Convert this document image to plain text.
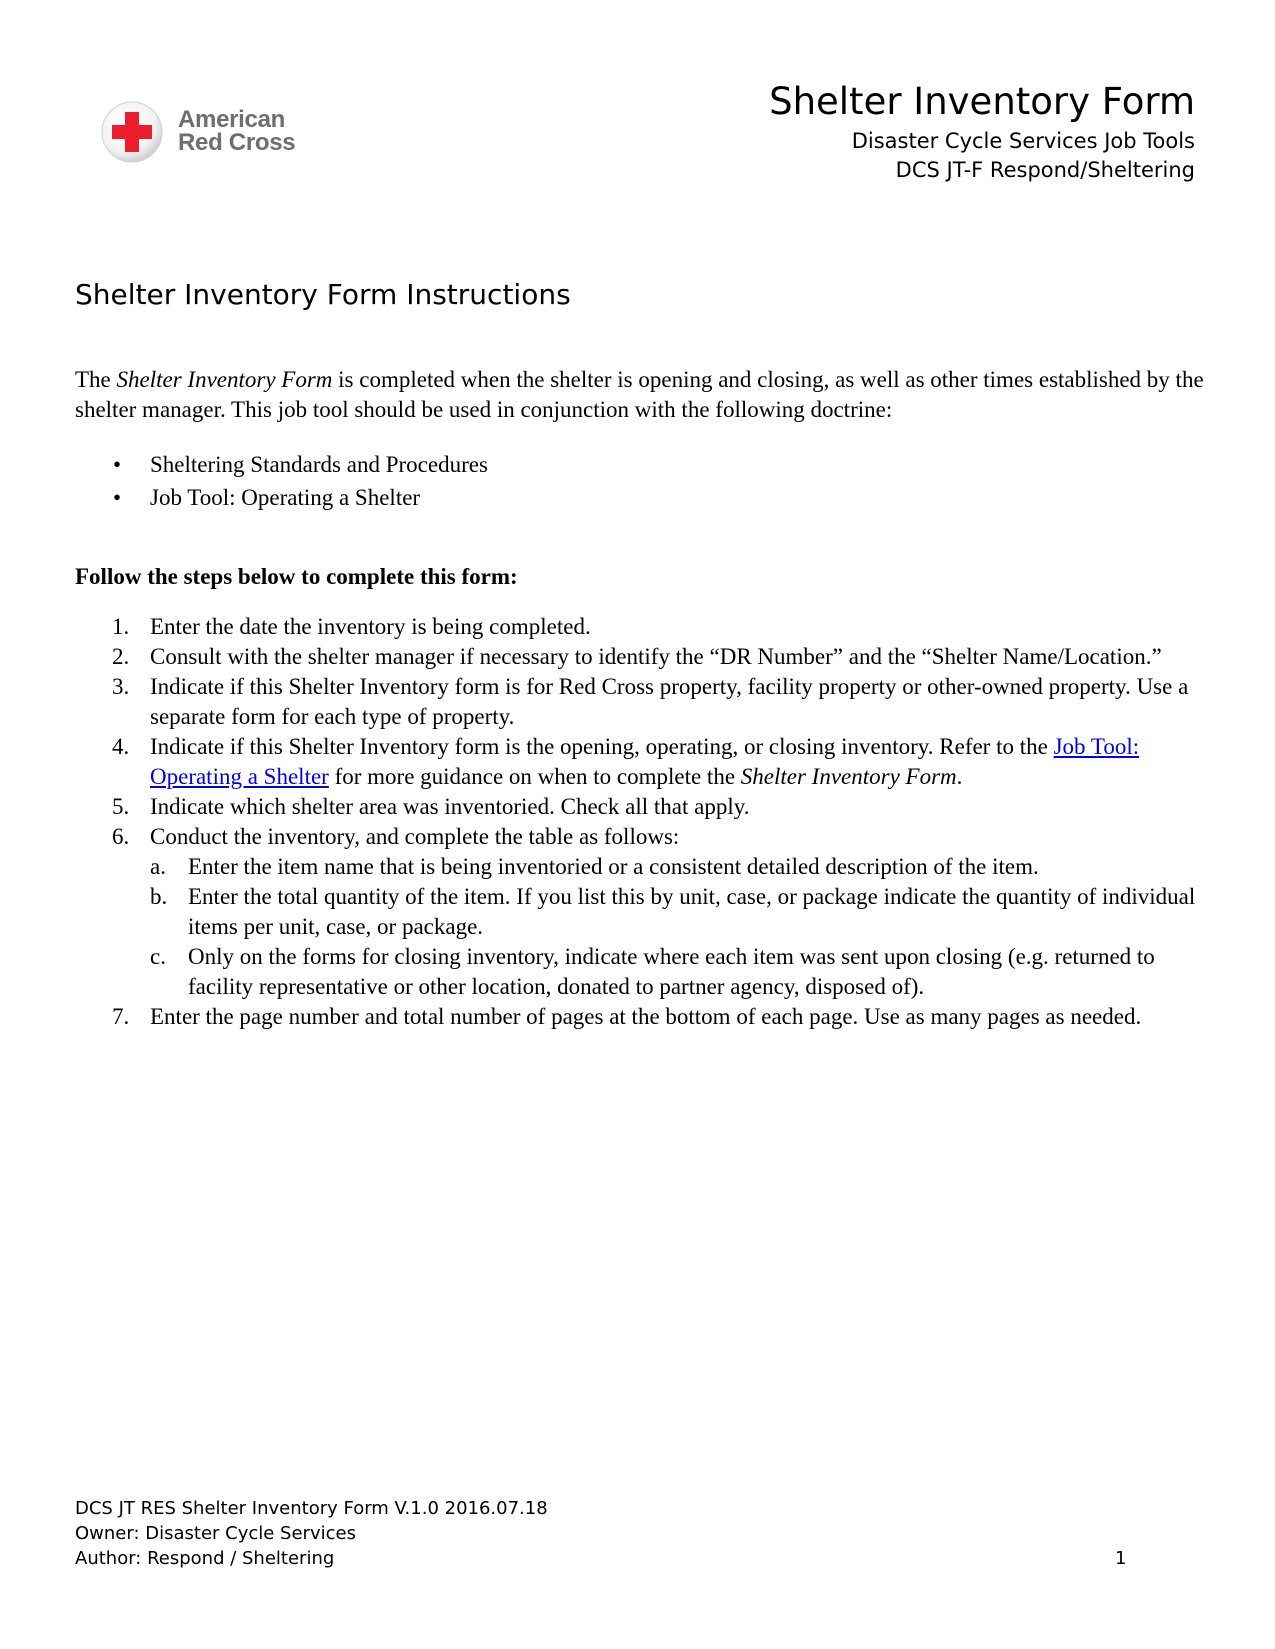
American
Red Cross
Shelter Inventory Form
Disaster Cycle Services Job Tools
DCS JT-F Respond/Sheltering
Shelter Inventory Form Instructions

The Shelter Inventory Form is completed when the shelter is opening and closing, as well as other times established by the shelter manager. This job tool should be used in conjunction with the following doctrine:

• Sheltering Standards and Procedures
• Job Tool: Operating a Shelter
Follow the steps below to complete this form:
1. Enter the date the inventory is being completed.
2. Consult with the shelter manager if necessary to identify the “DR Number” and the “Shelter Name/Location.”
3. Indicate if this Shelter Inventory form is for Red Cross property, facility property or other-owned property. Use a separate form for each type of property.
4. Indicate if this Shelter Inventory form is the opening, operating, or closing inventory. Refer to the Job Tool: Operating a Shelter for more guidance on when to complete the Shelter Inventory Form.
5. Indicate which shelter area was inventoried. Check all that apply.
6. Conduct the inventory, and complete the table as follows:
a. Enter the item name that is being inventoried or a consistent detailed description of the item.
b. Enter the total quantity of the item. If you list this by unit, case, or package indicate the quantity of individual items per unit, case, or package.
c. Only on the forms for closing inventory, indicate where each item was sent upon closing (e.g. returned to facility representative or other location, donated to partner agency, disposed of).
7. Enter the page number and total number of pages at the bottom of each page. Use as many pages as needed.
DCS JT RES Shelter Inventory Form V.1.0 2016.07.18
Owner: Disaster Cycle Services
Author: Respond / Sheltering	1
